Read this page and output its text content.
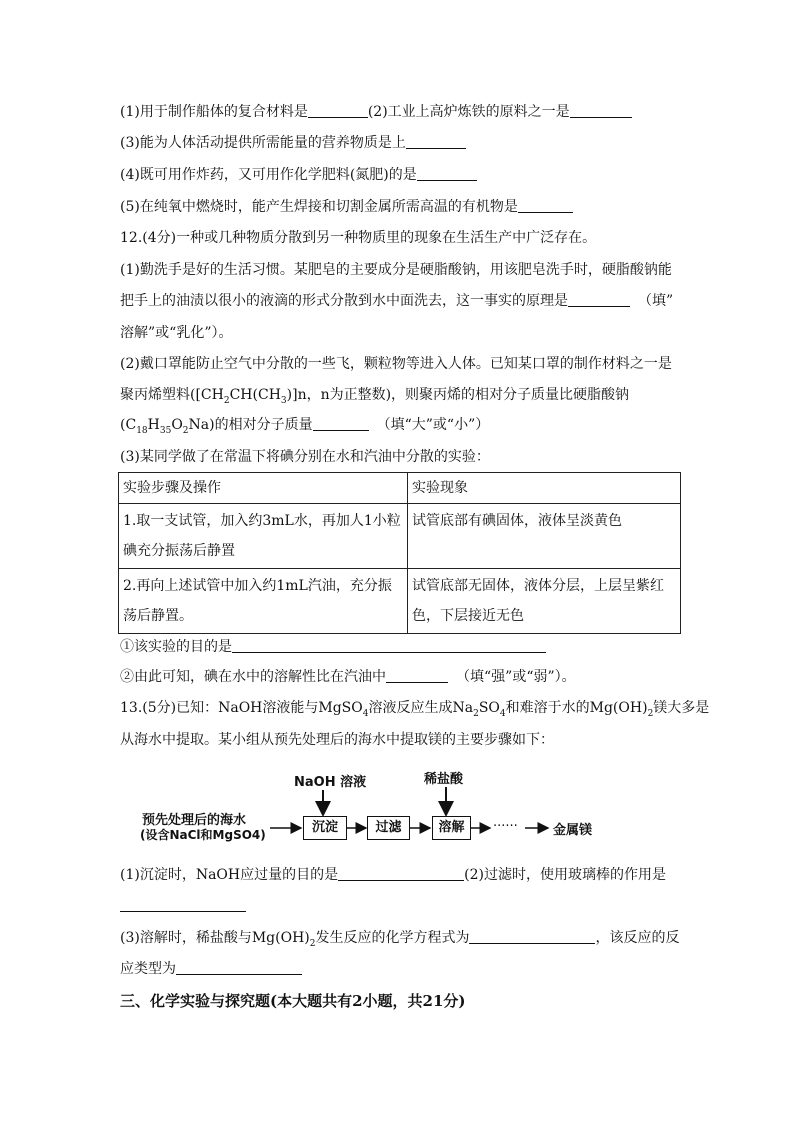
(1)用于制作船体的复合材料是	(2)工业上高炉炼铁的原料之一是
(3)能为人体活动提供所需能量的营养物质是上
(4)既可用作炸药，又可用作化学肥料(氮肥)的是
(5)在纯氧中燃烧时，能产生焊接和切割金属所需高温的有机物是
12.(4分)一种或几种物质分散到另一种物质里的现象在生活生产中广泛存在。
(1)勤洗手是好的生活习惯。某肥皂的主要成分是硬脂酸钠，用该肥皂洗手时，硬脂酸钠能
把手上的油渍以很小的液滴的形式分散到水中面洗去，这一事实的原理是	（填”
溶解”或“乳化”）。
(2)戴口罩能防止空气中分散的一些飞，颗粒物等进入人体。已知某口罩的制作材料之一是
聚丙烯塑料($[CH_2CH(CH_3)]n$，n为正整数)，则聚丙烯的相对分子质量比硬脂酸钠
$(C_{18}H_{35}O_2Na)$的相对分子质量	（填“大”或“小”）
(3)某同学做了在常温下将碘分别在水和汽油中分散的实验：
实验步骤及操作	实验现象
1.取一支试管，加入约3mL水，再加人1小粒碘充分振荡后静置	试管底部有碘固体，液体呈淡黄色
2.再向上述试管中加入约1mL汽油，充分振荡后静置。	试管底部无固体，液体分层，上层呈紫红色，下层接近无色
①该实验的目的是
②由此可知，碘在水中的溶解性比在汽油中	（填“强”或“弱”）。
13.(5分)已知：NaOH溶液能与MgSO$_4$溶液反应生成$Na_2SO_4$和难溶于水的$Mg(OH)_2$镁大多是
从海水中提取。某小组从预先处理后的海水中提取镁的主要步骤如下：
NaOH 溶液	稀盐酸
预先处理后的海水
(设含NaCl和MgSO4)	沉淀	过滤	溶解	······	金属镁
(1)沉淀时，NaOH应过量的目的是	(2)过滤时，使用玻璃棒的作用是
(3)溶解时，稀盐酸与$Mg(OH)_2$发生反应的化学方程式为	，该反应的反
应类型为
三、化学实验与探究题(本大题共有2小题，共21分)
